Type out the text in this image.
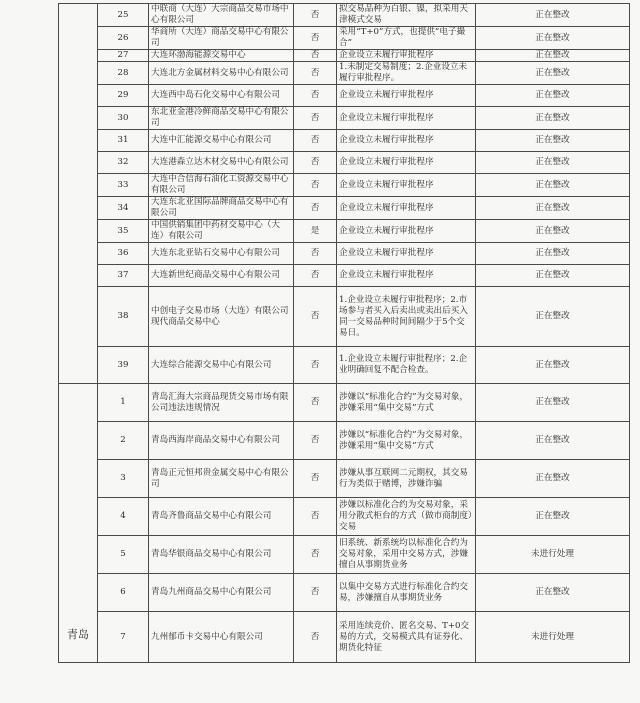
	25	中联商（大连）大宗商品交易市场中心有限公司	否	拟交易品种为白银、镍，拟采用天津模式交易	正在整改
	26	华商所（大连）商品交易中心有限公司	否	采用“T+0”方式，也提供“电子撮合”	正在整改
	27	大连环渤海能源交易中心	否	企业设立未履行审批程序	正在整改
	28	大连北方金属材料交易中心有限公司	否	1.未制定交易制度；2.企业设立未履行审批程序。	正在整改
	29	大连西中岛石化交易中心有限公司	否	企业设立未履行审批程序	正在整改
	30	东北亚金港冷鲜商品交易中心有限公司	否	企业设立未履行审批程序	正在整改
	31	大连中汇能源交易中心有限公司	否	企业设立未履行审批程序	正在整改
	32	大连港森立达木材交易中心有限公司	否	企业设立未履行审批程序	正在整改
	33	大连中合信海石油化工资源交易中心有限公司	否	企业设立未履行审批程序	正在整改
	34	大连东北亚国际品牌商品交易中心有限公司	否	企业设立未履行审批程序	正在整改
	35	中国供销集团中药材交易中心（大连）有限公司	是	企业设立未履行审批程序	正在整改
	36	大连东北亚钻石交易中心有限公司	否	企业设立未履行审批程序	正在整改
	37	大连新世纪商品交易中心有限公司	否	企业设立未履行审批程序	正在整改
	38	中创电子交易市场（大连）有限公司现代商品交易中心	否	1.企业设立未履行审批程序；2.市场参与者买入后卖出或卖出后买入同一交易品种时间间隔少于5个交易日。	正在整改
	39	大连综合能源交易中心有限公司	否	1.企业设立未履行审批程序；2.企业明确回复不配合检查。	正在整改
青岛	1	青岛汇海大宗商品现货交易市场有限公司违法违规情况	否	涉嫌以“标准化合约”为交易对象，涉嫌采用“集中交易”方式	正在整改
	2	青岛西海岸商品交易中心有限公司	否	涉嫌以“标准化合约”为交易对象，涉嫌采用“集中交易”方式	正在整改
	3	青岛正元恒邦贵金属交易中心有限公司	否	涉嫌从事互联网二元期权，其交易行为类似于赌博，涉嫌诈骗	正在整改
	4	青岛齐鲁商品交易中心有限公司	否	涉嫌以标准化合约为交易对象，采用分散式柜台的方式（做市商制度）交易	正在整改
	5	青岛华银商品交易中心有限公司	否	旧系统、新系统均以标准化合约为交易对象，采用中交易方式，涉嫌擅自从事期货业务	未进行处理
	6	青岛九州商品交易中心有限公司	否	以集中交易方式进行标准化合约交易，涉嫌擅自从事期货业务	正在整改
	7	九州郁币卡交易中心有限公司	否	采用连续竞价、匿名交易、T+0交易的方式，交易模式具有证券化、期货化特征	未进行处理
